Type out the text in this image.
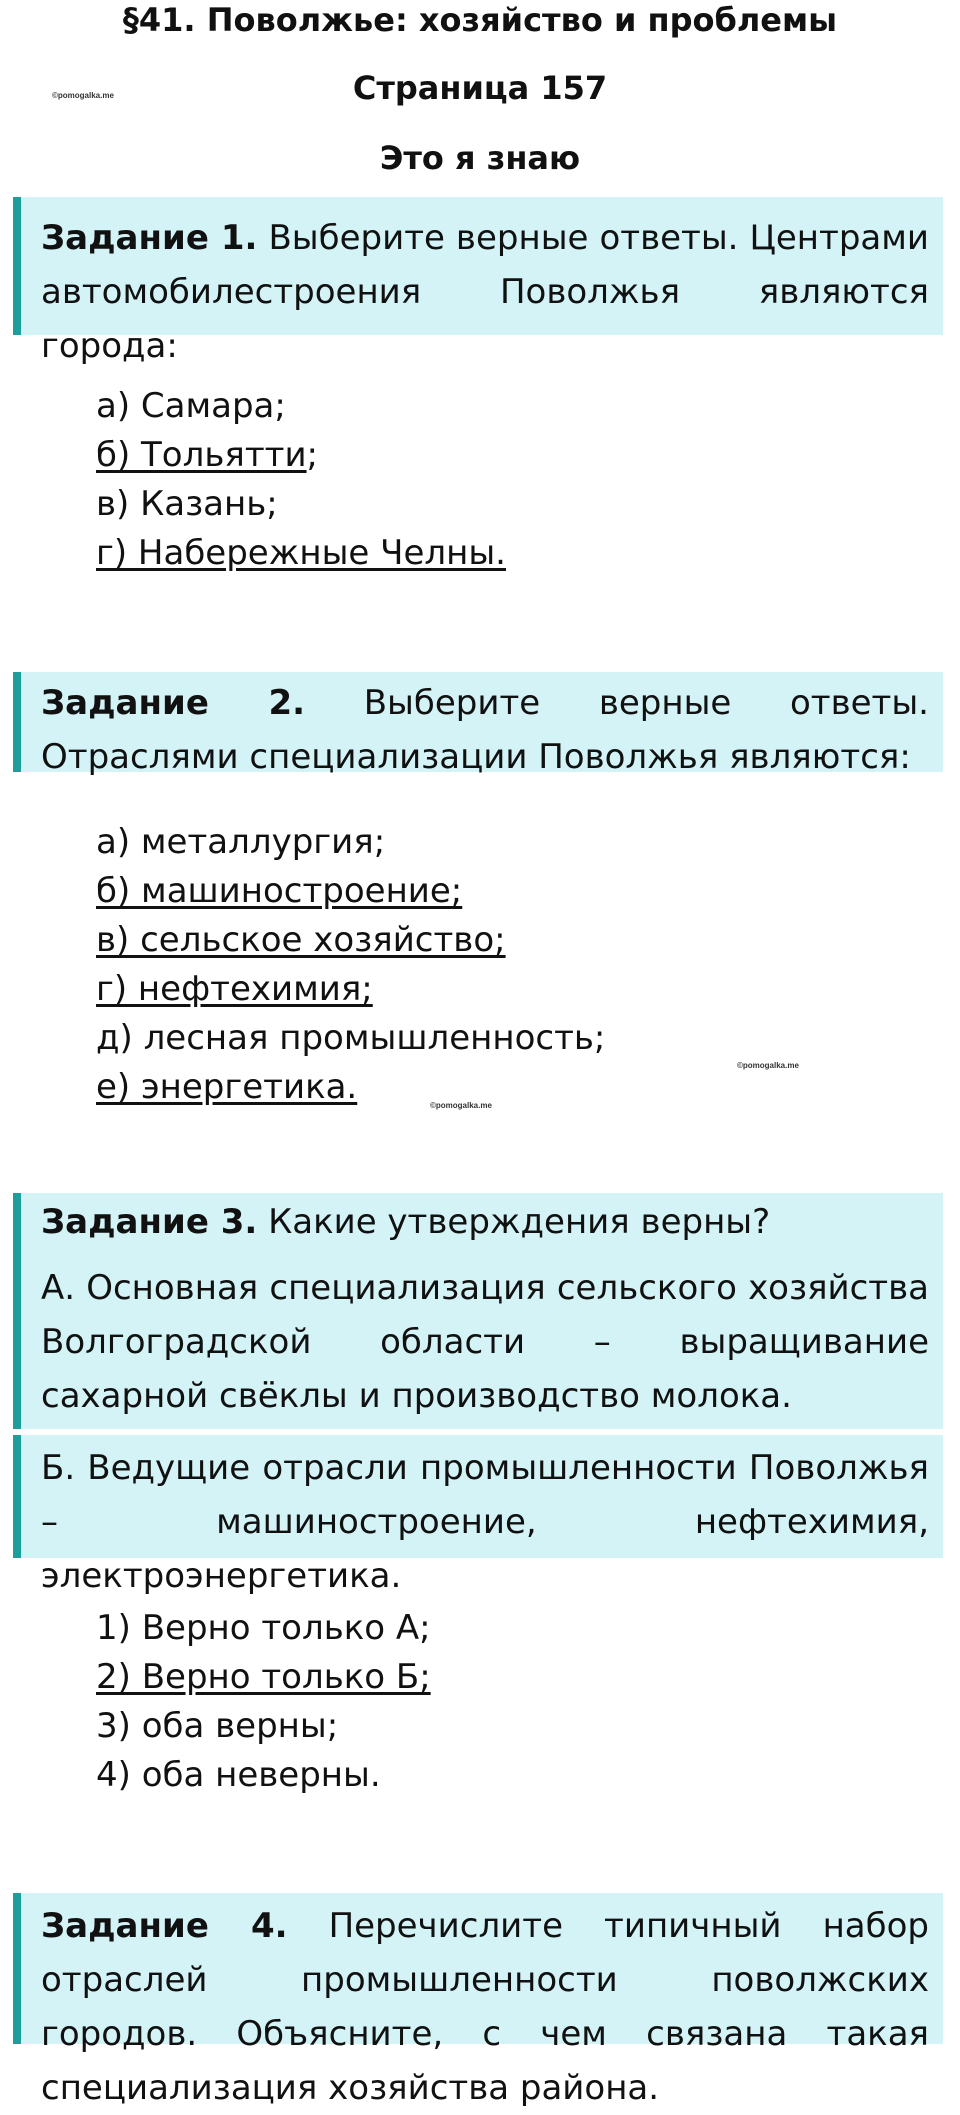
§41. Поволжье: хозяйство и проблемы
©pomogalka.me	Страница 157
Это я знаю
Задание 1. Выберите верные ответы. Центрами автомобилестроения Поволжья являются города:
а) Самара;
б) Тольятти;
в) Казань;
г) Набережные Челны.
Задание 2. Выберите верные ответы. Отраслями специализации Поволжья являются:
а) металлургия;
б) машиностроение;
в) сельское хозяйство;
г) нефтехимия;
д) лесная промышленность;
е) энергетика.
©pomogalka.me
©pomogalka.me
Задание 3. Какие утверждения верны?
А. Основная специализация сельского хозяйства Волгоградской области – выращивание сахарной свёклы и производство молока.
Б. Ведущие отрасли промышленности Поволжья – машиностроение, нефтехимия, электроэнергетика.
1) Верно только А;
2) Верно только Б;
3) оба верны;
4) оба неверны.
Задание 4. Перечислите типичный набор отраслей промышленности поволжских городов. Объясните, с чем связана такая специализация хозяйства района.
